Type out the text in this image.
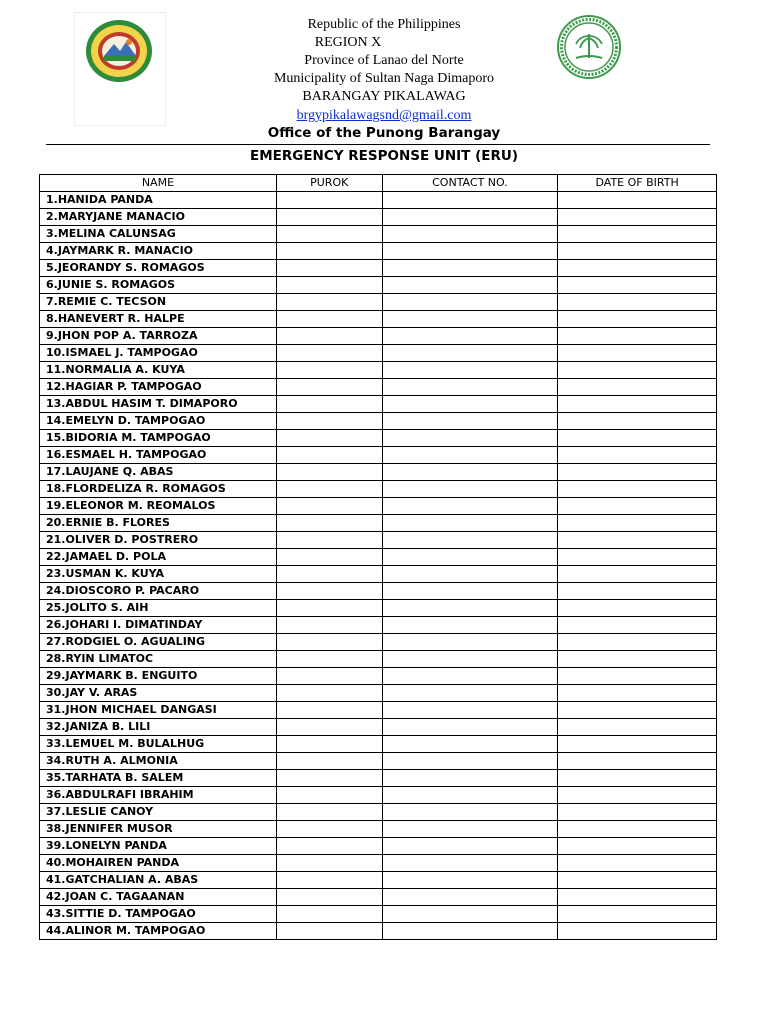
Republic of the Philippines
REGION X
Province of Lanao del Norte
Municipality of Sultan Naga Dimaporo
BARANGAY PIKALAWAG
brgypikalawagsnd@gmail.com
Office of the Punong Barangay
EMERGENCY RESPONSE UNIT (ERU)
NAME	PUROK	CONTACT NO.	DATE OF BIRTH
1.HANIDA PANDA			
2.MARYJANE MANACIO			
3.MELINA CALUNSAG			
4.JAYMARK R. MANACIO			
5.JEORANDY S. ROMAGOS			
6.JUNIE S. ROMAGOS			
7.REMIE C. TECSON			
8.HANEVERT R. HALPE			
9.JHON POP A. TARROZA			
10.ISMAEL J. TAMPOGAO			
11.NORMALIA A. KUYA			
12.HAGIAR P. TAMPOGAO			
13.ABDUL HASIM T. DIMAPORO			
14.EMELYN D. TAMPOGAO			
15.BIDORIA M. TAMPOGAO			
16.ESMAEL H. TAMPOGAO			
17.LAUJANE Q. ABAS			
18.FLORDELIZA R. ROMAGOS			
19.ELEONOR M. REOMALOS			
20.ERNIE B. FLORES			
21.OLIVER D. POSTRERO			
22.JAMAEL D. POLA			
23.USMAN K. KUYA			
24.DIOSCORO P. PACARO			
25.JOLITO S. AIH			
26.JOHARI I. DIMATINDAY			
27.RODGIEL O. AGUALING			
28.RYIN LIMATOC			
29.JAYMARK B. ENGUITO			
30.JAY V. ARAS			
31.JHON MICHAEL DANGASI			
32.JANIZA B. LILI			
33.LEMUEL M. BULALHUG			
34.RUTH A. ALMONIA			
35.TARHATA B. SALEM			
36.ABDULRAFI IBRAHIM			
37.LESLIE CANOY			
38.JENNIFER MUSOR			
39.LONELYN PANDA			
40.MOHAIREN PANDA			
41.GATCHALIAN A. ABAS			
42.JOAN C. TAGAANAN			
43.SITTIE D. TAMPOGAO			
44.ALINOR M. TAMPOGAO			
